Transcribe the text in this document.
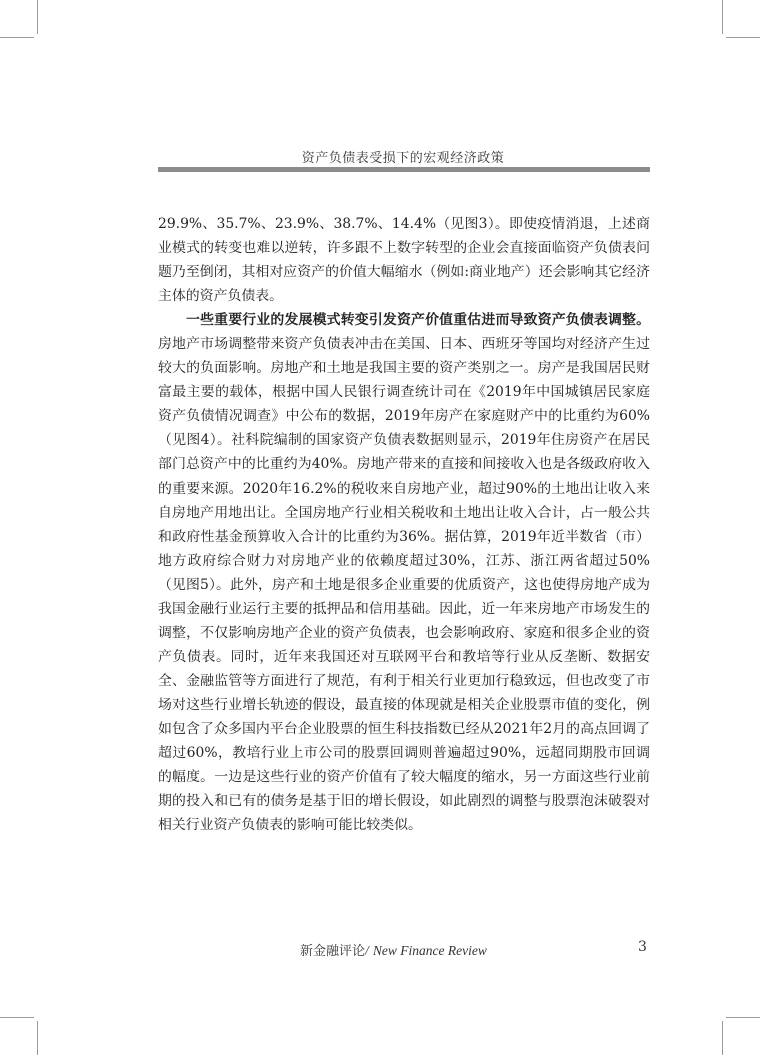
资产负债表受损下的宏观经济政策

29.9%、35.7%、23.9%、38.7%、14.4%（见图3）。即使疫情消退，上述商业模式的转变也难以逆转，许多跟不上数字转型的企业会直接面临资产负债表问题乃至倒闭，其相对应资产的价值大幅缩水（例如:商业地产）还会影响其它经济主体的资产负债表。

一些重要行业的发展模式转变引发资产价值重估进而导致资产负债表调整。房地产市场调整带来资产负债表冲击在美国、日本、西班牙等国均对经济产生过较大的负面影响。房地产和土地是我国主要的资产类别之一。房产是我国居民财富最主要的载体，根据中国人民银行调查统计司在《2019年中国城镇居民家庭资产负债情况调查》中公布的数据，2019年房产在家庭财产中的比重约为60%（见图4）。社科院编制的国家资产负债表数据则显示，2019年住房资产在居民部门总资产中的比重约为40%。房地产带来的直接和间接收入也是各级政府收入的重要来源。2020年16.2%的税收来自房地产业，超过90%的土地出让收入来自房地产用地出让。全国房地产行业相关税收和土地出让收入合计，占一般公共和政府性基金预算收入合计的比重约为36%。据估算，2019年近半数省（市）地方政府综合财力对房地产业的依赖度超过30%，江苏、浙江两省超过50%（见图5）。此外，房产和土地是很多企业重要的优质资产，这也使得房地产成为我国金融行业运行主要的抵押品和信用基础。因此，近一年来房地产市场发生的调整，不仅影响房地产企业的资产负债表，也会影响政府、家庭和很多企业的资产负债表。同时，近年来我国还对互联网平台和教培等行业从反垄断、数据安全、金融监管等方面进行了规范，有利于相关行业更加行稳致远，但也改变了市场对这些行业增长轨迹的假设，最直接的体现就是相关企业股票市值的变化，例如包含了众多国内平台企业股票的恒生科技指数已经从2021年2月的高点回调了超过60%，教培行业上市公司的股票回调则普遍超过90%，远超同期股市回调的幅度。一边是这些行业的资产价值有了较大幅度的缩水，另一方面这些行业前期的投入和已有的债务是基于旧的增长假设，如此剧烈的调整与股票泡沫破裂对相关行业资产负债表的影响可能比较类似。

新金融评论/ New Finance Review	3
